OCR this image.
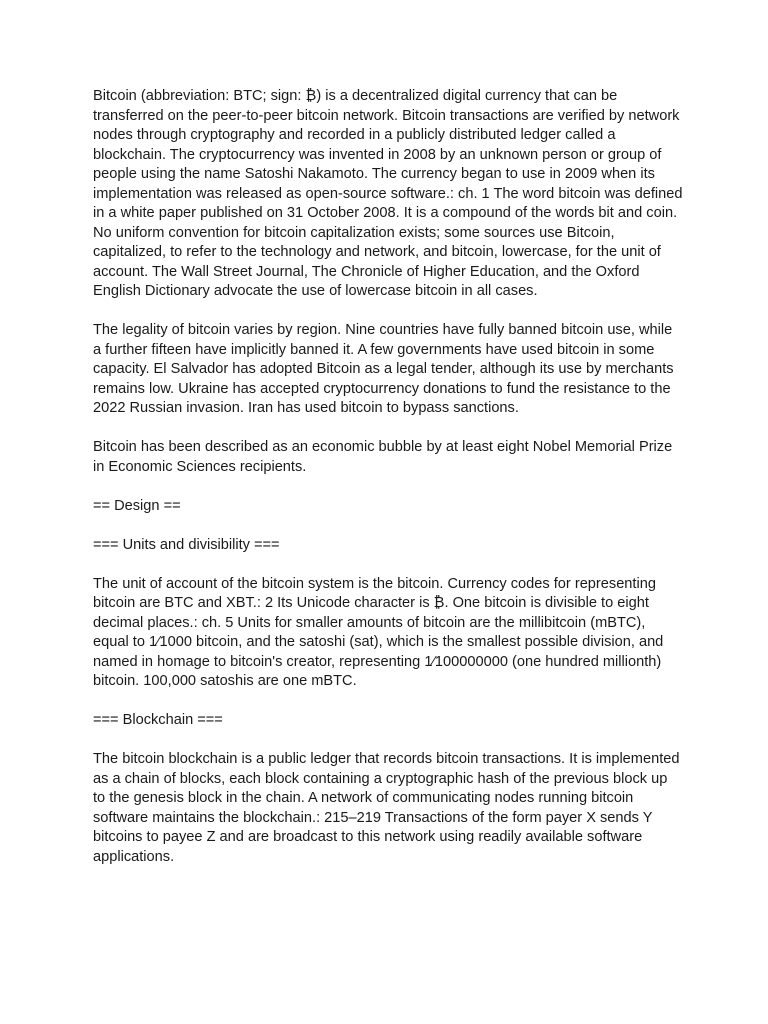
Bitcoin (abbreviation: BTC; sign: ₿) is a decentralized digital currency that can be transferred on the peer-to-peer bitcoin network. Bitcoin transactions are verified by network nodes through cryptography and recorded in a publicly distributed ledger called a blockchain. The cryptocurrency was invented in 2008 by an unknown person or group of people using the name Satoshi Nakamoto. The currency began to use in 2009 when its implementation was released as open-source software.: ch. 1 The word bitcoin was defined in a white paper published on 31 October 2008. It is a compound of the words bit and coin. No uniform convention for bitcoin capitalization exists; some sources use Bitcoin, capitalized, to refer to the technology and network, and bitcoin, lowercase, for the unit of account. The Wall Street Journal, The Chronicle of Higher Education, and the Oxford English Dictionary advocate the use of lowercase bitcoin in all cases.

The legality of bitcoin varies by region. Nine countries have fully banned bitcoin use, while a further fifteen have implicitly banned it. A few governments have used bitcoin in some capacity. El Salvador has adopted Bitcoin as a legal tender, although its use by merchants remains low. Ukraine has accepted cryptocurrency donations to fund the resistance to the 2022 Russian invasion. Iran has used bitcoin to bypass sanctions.

Bitcoin has been described as an economic bubble by at least eight Nobel Memorial Prize in Economic Sciences recipients.

== Design ==

=== Units and divisibility ===

The unit of account of the bitcoin system is the bitcoin. Currency codes for representing bitcoin are BTC and XBT.: 2 Its Unicode character is ₿. One bitcoin is divisible to eight decimal places.: ch. 5 Units for smaller amounts of bitcoin are the millibitcoin (mBTC), equal to 1⁄1000 bitcoin, and the satoshi (sat), which is the smallest possible division, and named in homage to bitcoin's creator, representing 1⁄100000000 (one hundred millionth) bitcoin. 100,000 satoshis are one mBTC.

=== Blockchain ===

The bitcoin blockchain is a public ledger that records bitcoin transactions. It is implemented as a chain of blocks, each block containing a cryptographic hash of the previous block up to the genesis block in the chain. A network of communicating nodes running bitcoin software maintains the blockchain.: 215–219 Transactions of the form payer X sends Y bitcoins to payee Z and are broadcast to this network using readily available software applications.
